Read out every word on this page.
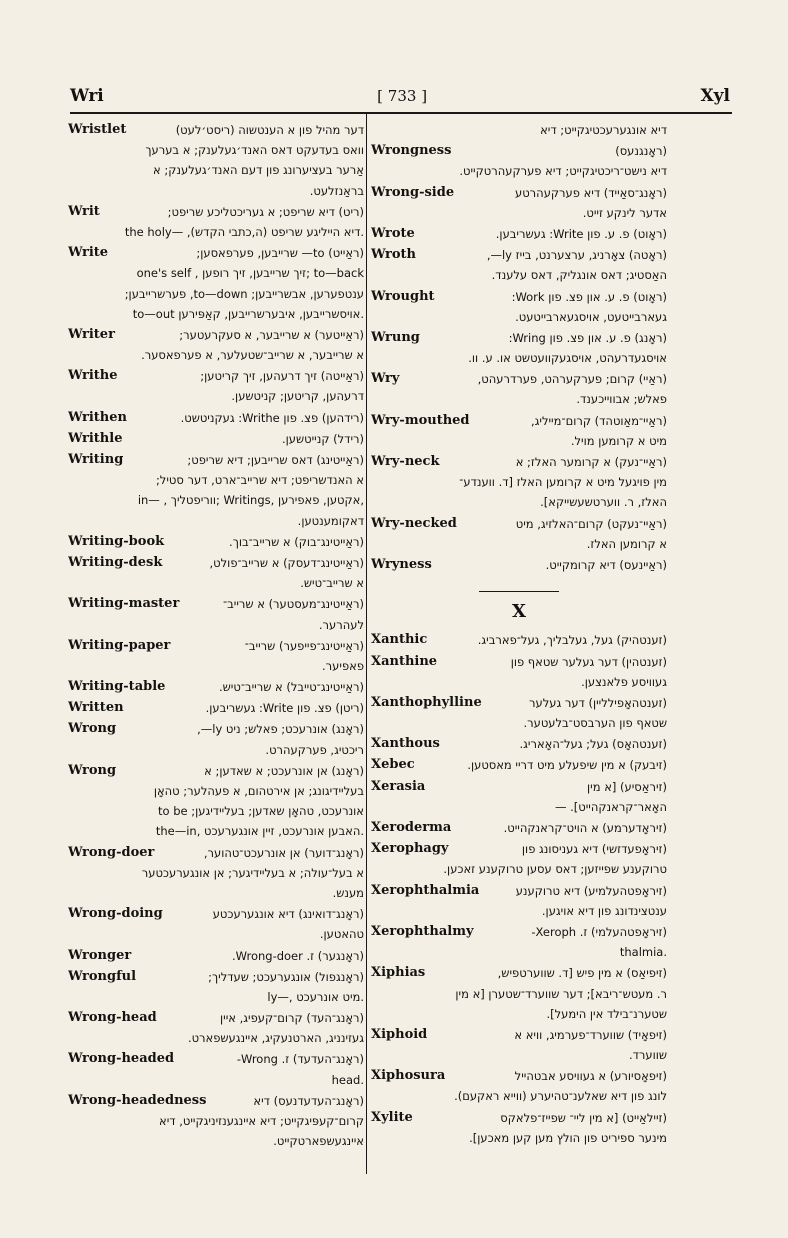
Wri	[ 733 ]	Xyl
Wristlet	דער מהיל פון א הענטשוה (ריסט׳לעט)
וואס בעדעקט דאס האנד׳געלענק; א בערעך
אַרער בעציערונג פון דעם האנד׳געלענק; א
בראַנזלעט.
Writ	(ריט) דיא שריפט; א געריכטליכע שריפט;
the holy— ,דיא הייליגע שריפט (ה,כתבי הקדש).
Write	(ראַייט) to— שרייבען, פערפאסען;
one's self , זיך שרייבען, זיך רופען; to—back
ענטפערען, אבשרייבען; to—down, פערשרייבען;
to—out אויסשרייבען, איבערשרייבען, קאַפּירען.
Writer	(ראַייטער) א שרייבער, א סעקרעטער;
א שרייבער, א שרייב־שטעלער, א פערפאסער.
Writhe	(ראַייטה) זיך דרעהען, זיך קריטען;
דרעהען, קריטען; קניטשען.
Writhen	(רידהען) פצ. פון Writhe: געקניטשט.
Writhle	(רידל) קנייטשען.
Writing	(ראַייטינג) דאס שרייבען; דיא שריפט;
א האנדשריפט; דיא שרייב־ארט, דער סטיל;
in— , ווריפטליך; Writings, אקטען, פאפירען,
דאקומענטען.
Writing-book	(ראַייטינג־בוק) א שרייב־בוך.
Writing-desk	(ראַייטינג־דעסק) א שרייב־פולט,
א שרייב־טיש.
Writing-master	(ראַייטינג־מעסטער) א שרייב־
לעהרער.
Writing-paper	(ראַייטינג־פייפער) שרייב־
פאפיער.
Writing-table	(ראַייטינג־טייבל) א שרייב־טיש.
Written	(ריטן) פצ. פון Write: געשריבען.
Wrong	(ראָנג) אונרעכט; פאלש; ניט ly—,
ריכטיג, פערקעהרט.
Wrong	(ראָנג) אן אונרעכט; א שאדען; א
בעליידיגונג; אן אירטהום, א פעהלער; טהאָן
אונרעכט, טהאָן שאדען; בעליידיגען; to be
the—in, האבען אונרעכט, זיין אונגערעכט.
Wrong-doer	(ראָנג־דוער) אן אונרעכט־טהוער,
א בעל־עולה; א בעליידיגער; אן אונגערעכטער
מענש.
Wrong-doing	(ראָנג־דואינג) דיא אונגערעכטע
טהאטען.
Wronger	(ראָנגער) ז. Wrong-doer.
Wrongful	(ראָנגפול) אונגערעכט; שעדליך;
ly—, מיט אונרעכט.
Wrong-head	(ראָנג־העד) קרום־קעפיג, איין
געזינניג, הארטנעקיג, איינגעשפארט.
Wrong-headed	(ראָנג־העדעד) ז. Wrong-
head.
Wrong-headedness	(ראָנג־העדעדנעס) דיא
קרום־קעפּיגקייט; דיא איינגענזיניגקייט, דיא
איינגעשפארטקייט.
דיא אונגערעכטיגקייט; דיא
Wrongness	(ראָנגנעס)
דיא נישט־ריכטיגקייט; דיא פערקעהרטקייט.
Wrong-side	(ראָנג־סאַייד) דיא פערקעהרטע
אדער לינקע זייט.
Wrote	(ראָוט) פ. ע. פון Write: געשריבען.
Wroth	(ראָטה) צאָרניג, ערצערנט, בייז ly—,
האַסטיג; דאס אונגליק, דאס עלענד.
Wrought	(ראָוט) פ. ע. און פצ. פון Work:
געארבייטעט, אויסגעארבייטעט.
Wrung	(ראָנג) פ. ע. און פצ. פון Wring:
אויסגעדרעהט, אויסגעקוועטשט או. ע. וו.
Wry	(ראַיי) קרום; פערקערהט, פערדרעהט,
פאלש; אבווייכענד.
Wry-mouthed	(ראַיי־מאַוטהד) קרום־מייליג,
מיט א קרומען מויל.
Wry-neck	(ראַיי־נעק) א קרומער האלז; א
מין פויגעל מיט א קרומען האלז [ד. ווענדע־
האלז, ר. ווערטשעשייקא].
Wry-necked	(ראַיי־נעקט) קרום־האלזיג, מיט
א קרומען האלז.
Wryness	(ראַיינעס) דיא קרומקייט.
X
Xanthic	(זענטהיק) געל, געלבליך, געל־פארביג.
Xanthine	(זענטהין) דער געלער שטאף פון
געוויסע פלאנצען.
Xanthophylline	(זענטהאָפילליין) דער געלער
שטאף פון הערבסט־בלעטער.
Xanthous	(זענטהאָס) געל; געל־האָאריג.
Xebec	(זיבעק) א מין שיפעלע מיט דריי מאסטען.
Xerasia	(זיראַסיע) [א מין
האָאר־קראנקהייט]. —
Xeroderma	(זיראָדערמע) א הויט־קראנקהייט.
Xerophagy	(זיראָפעדזשי) דיא געניסונג פון
טרוקענע שפייזען; דאס עסען טרוקענע זאכען.
Xerophthalmia	(זיראָפטהעלמיע) דיא טרוקענע
ענטצינדונג פון דיא אויגען.
Xerophthalmy	(זיראָפטהעלמי) ז. Xeroph-
thalmia.
Xiphias	(זיפיאַס) א מין פיש [ד. שווערטפיש,
ר. מעטש־ריבא]; דער שווערד־שטערן [א מין
שטערנ־בילד אין הימעל].
Xiphoid	(זיפאָיד) שווערד־פערמיג, וויא א
שווערד.
Xiphosura	(זיפאָסיורע) א געוויסע אבטהייל
לונג פון דיא שאלענ־טהיערע (ווייא ראקעם).
Xylite	(זיילאַייט) [א מין ליי־ שפייז־פלאקס
מינער ספיריט פון הולץ מען קען מאכען].
